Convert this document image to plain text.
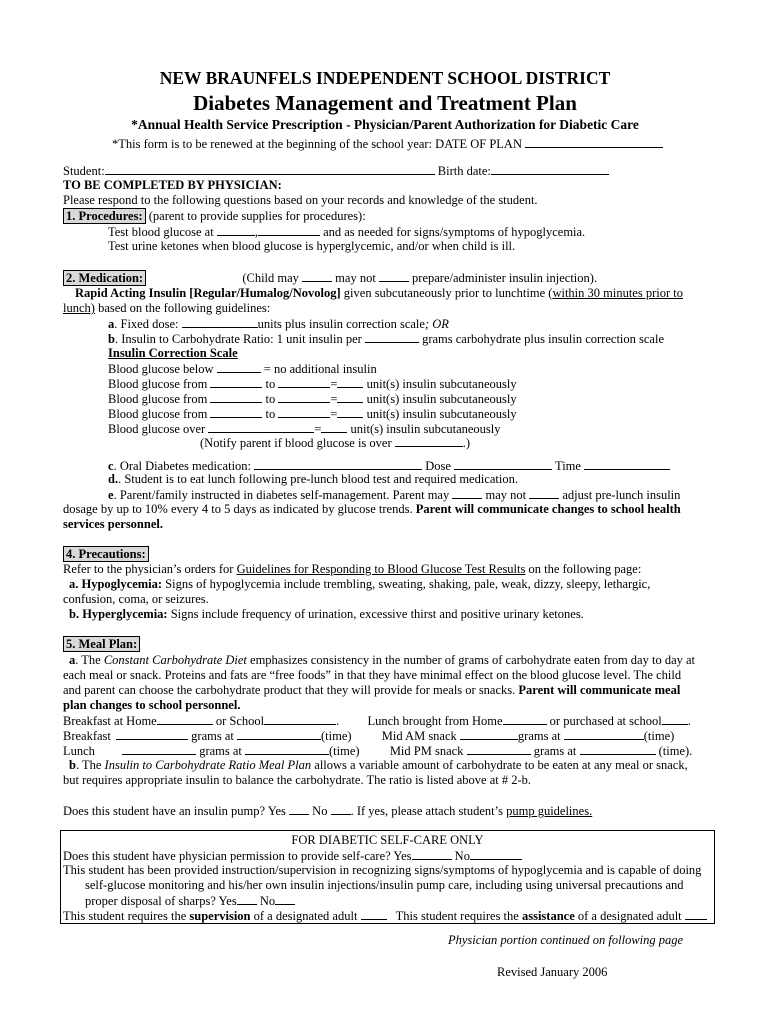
NEW BRAUNFELS INDEPENDENT SCHOOL DISTRICT
Diabetes Management and Treatment Plan
*Annual Health Service Prescription - Physician/Parent Authorization for Diabetic Care
*This form is to be renewed at the beginning of the school year: DATE OF PLAN
Student:	Birth date:
TO BE COMPLETED BY PHYSICIAN:
Please respond to the following questions based on your records and knowledge of the student.
1. Procedures: (parent to provide supplies for procedures):
Test blood glucose at	,	and as needed for signs/symptoms of hypoglycemia.
Test urine ketones when blood glucose is hyperglycemic, and/or when child is ill.
2. Medication:	(Child may	may not	prepare/administer insulin injection).
Rapid Acting Insulin [Regular/Humalog/Novolog] given subcutaneously prior to lunchtime (within 30 minutes prior to
lunch) based on the following guidelines:
a. Fixed dose:	units plus insulin correction scale; OR
b. Insulin to Carbohydrate Ratio: 1 unit insulin per	grams carbohydrate plus insulin correction scale
Insulin Correction Scale
Blood glucose below	= no additional insulin
Blood glucose from	to	= unit(s) insulin subcutaneously
Blood glucose from	to	= unit(s) insulin subcutaneously
Blood glucose from	to	= unit(s) insulin subcutaneously
Blood glucose over	= unit(s) insulin subcutaneously
(Notify parent if blood glucose is over	.)
c. Oral Diabetes medication:	Dose	Time
d.. Student is to eat lunch following pre-lunch blood test and required medication.
e. Parent/family instructed in diabetes self-management. Parent may	may not	adjust pre-lunch insulin
dosage by up to 10% every 4 to 5 days as indicated by glucose trends. Parent will communicate changes to school health
services personnel.
4. Precautions:
Refer to the physician’s orders for Guidelines for Responding to Blood Glucose Test Results on the following page:
a. Hypoglycemia: Signs of hypoglycemia include trembling, sweating, shaking, pale, weak, dizzy, sleepy, lethargic,
confusion, coma, or seizures.
b. Hyperglycemia: Signs include frequency of urination, excessive thirst and positive urinary ketones.
5. Meal Plan:
a. The Constant Carbohydrate Diet emphasizes consistency in the number of grams of carbohydrate eaten from day to day at
each meal or snack. Proteins and fats are “free foods” in that they have minimal effect on the blood glucose level. The child
and parent can choose the carbohydrate product that they will provide for meals or snacks. Parent will communicate meal
plan changes to school personnel.
Breakfast at Home	or School	.  Lunch brought from Home	or purchased at school .
Breakfast	grams at	(time) Mid AM snack	grams at	(time)
Lunch	grams at	(time) Mid PM snack	grams at	(time).
b. The Insulin to Carbohydrate Ratio Meal Plan allows a variable amount of carbohydrate to be eaten at any meal or snack,
but requires appropriate insulin to balance the carbohydrate. The ratio is listed above at # 2-b.
Does this student have an insulin pump? Yes No . If yes, please attach student’s pump guidelines.
FOR DIABETIC SELF-CARE ONLY
Does this student have physician permission to provide self-care? Yes	No
This student has been provided instruction/supervision in recognizing signs/symptoms of hypoglycemia and is capable of doing
self-glucose monitoring and his/her own insulin injections/insulin pump care, including using universal precautions and
proper disposal of sharps? Yes No
This student requires the supervision of a designated adult	This student requires the assistance of a designated adult
Physician portion continued on following page
Revised January 2006
